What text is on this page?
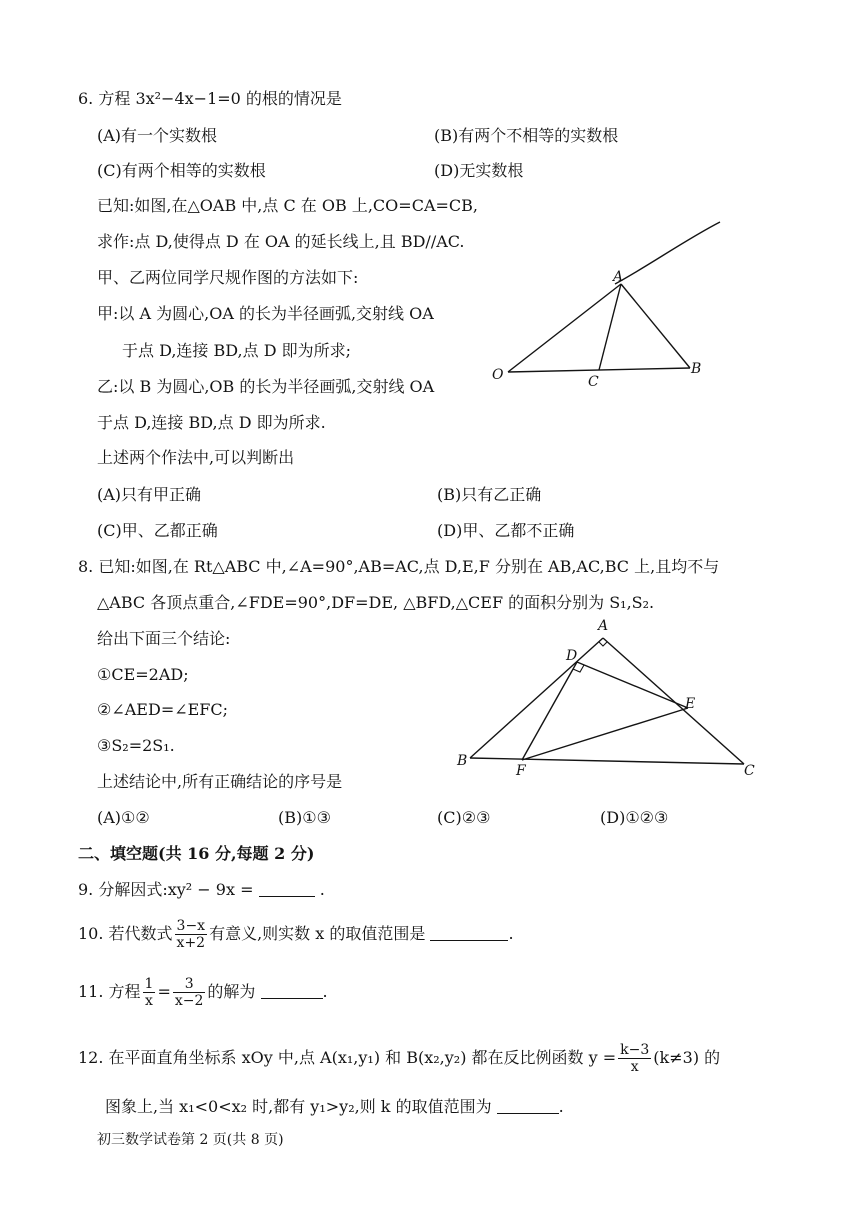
6. 方程 3x²−4x−1=0 的根的情况是
(A)有一个实数根	(B)有两个不相等的实数根
(C)有两个相等的实数根	(D)无实数根
已知:如图,在△OAB 中,点 C 在 OB 上,CO=CA=CB,
求作:点 D,使得点 D 在 OA 的延长线上,且 BD//AC.
甲、乙两位同学尺规作图的方法如下:
甲:以 A 为圆心,OA 的长为半径画弧,交射线 OA
于点 D,连接 BD,点 D 即为所求;
乙:以 B 为圆心,OB 的长为半径画弧,交射线 OA
于点 D,连接 BD,点 D 即为所求.
上述两个作法中,可以判断出
A
O	C
B
(A)只有甲正确	(B)只有乙正确
(C)甲、乙都正确	(D)甲、乙都不正确
8. 已知:如图,在 Rt△ABC 中,∠A=90°,AB=AC,点 D,E,F 分别在 AB,AC,BC 上,且均不与
△ABC 各顶点重合,∠FDE=90°,DF=DE, △BFD,△CEF 的面积分别为 S₁,S₂.
给出下面三个结论:
①CE=2AD;
②∠AED=∠EFC;
③S₂=2S₁.
上述结论中,所有正确结论的序号是
A
D
E
B
F	C
(A)①②	(B)①③	(C)②③	(D)①②③
二、填空题(共 16 分,每题 2 分)
9. 分解因式:xy² − 9x =	.
10. 若代数式 $\frac{3-x}{x+2}$ 有意义,则实数 x 的取值范围是	.
11. 方程 $\frac{1}{x} = \frac{3}{x-2}$ 的解为	.
12. 在平面直角坐标系 xOy 中,点 A(x₁,y₁) 和 B(x₂,y₂) 都在反比例函数 $y = \frac{k-3}{x} (k\ne 3)$ 的
图象上,当 x₁<0<x₂ 时,都有 y₁>y₂,则 k 的取值范围为	.
初三数学试卷第 2 页(共 8 页)
